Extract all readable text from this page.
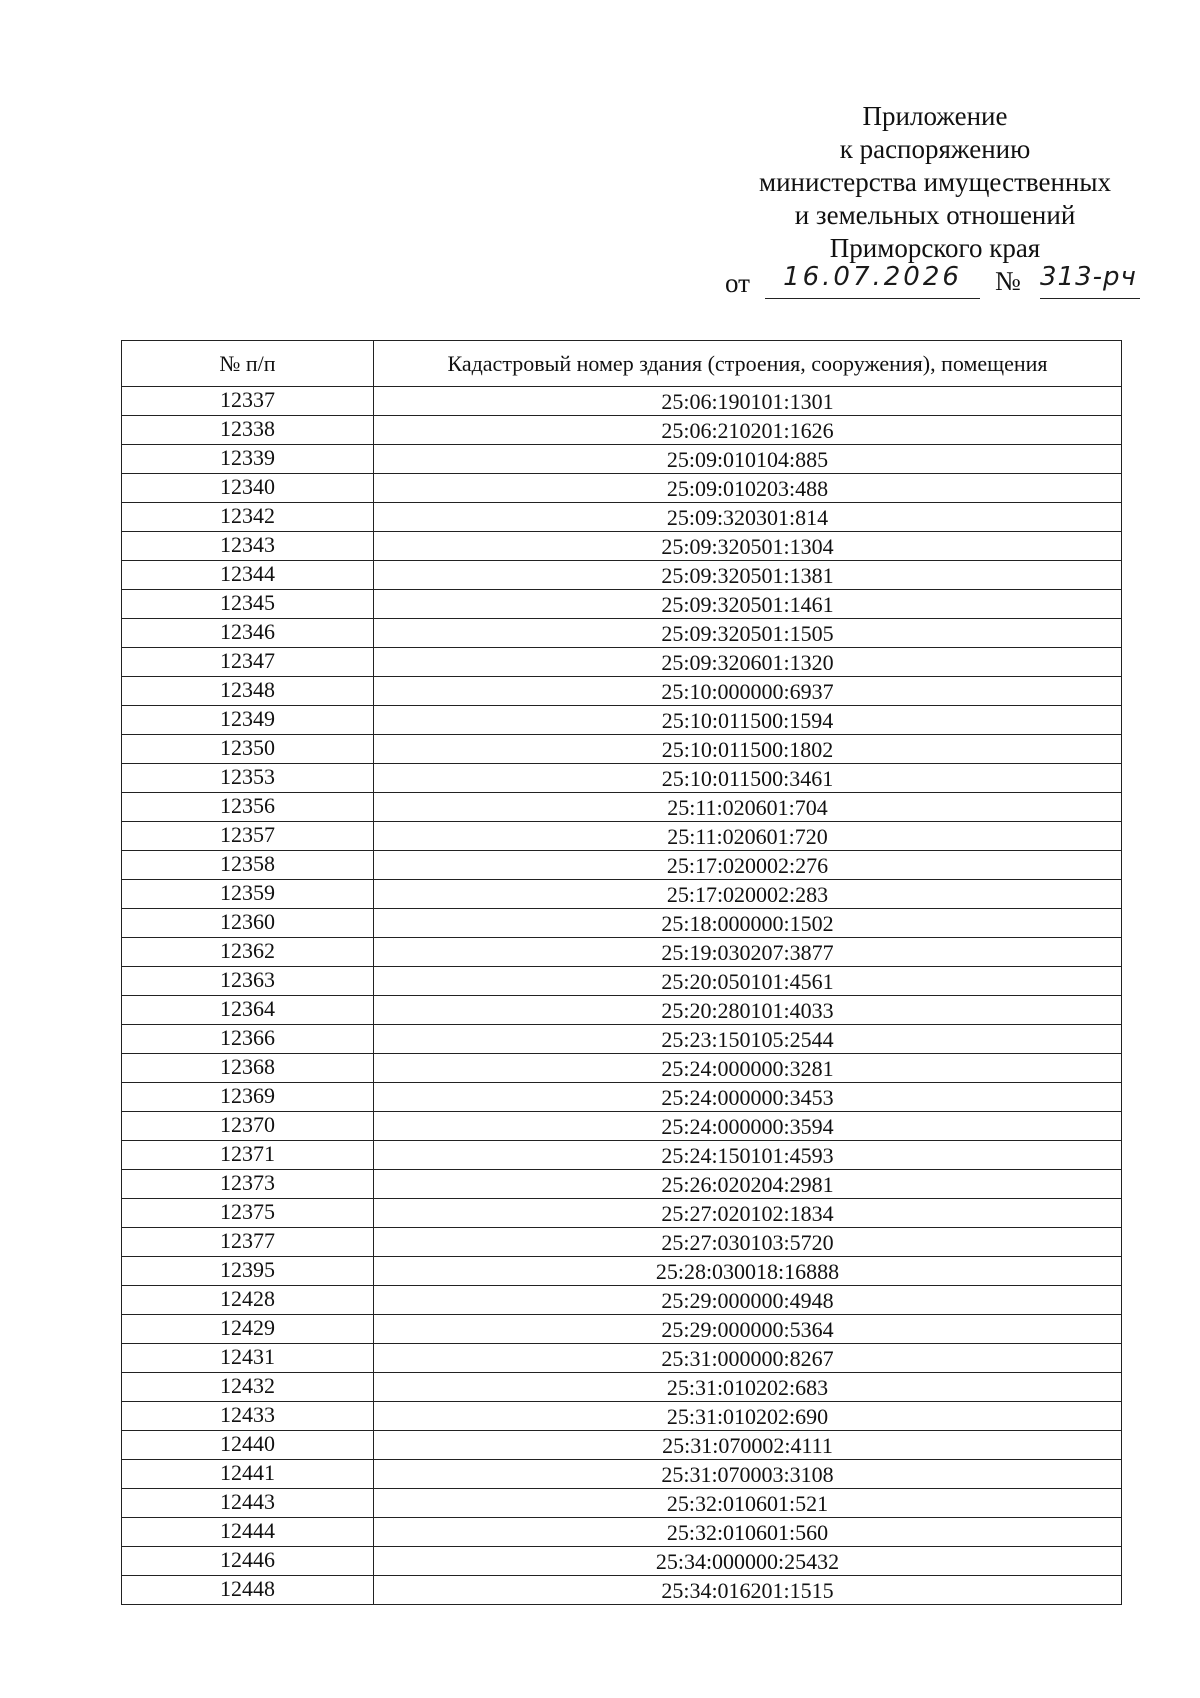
Приложение
к распоряжению
министерства имущественных
и земельных отношений
Приморского края
от	16.07.2026	№ 313-рч
№ п/п	Кадастровый номер здания (строения, сооружения), помещения
12337	25:06:190101:1301
12338	25:06:210201:1626
12339	25:09:010104:885
12340	25:09:010203:488
12342	25:09:320301:814
12343	25:09:320501:1304
12344	25:09:320501:1381
12345	25:09:320501:1461
12346	25:09:320501:1505
12347	25:09:320601:1320
12348	25:10:000000:6937
12349	25:10:011500:1594
12350	25:10:011500:1802
12353	25:10:011500:3461
12356	25:11:020601:704
12357	25:11:020601:720
12358	25:17:020002:276
12359	25:17:020002:283
12360	25:18:000000:1502
12362	25:19:030207:3877
12363	25:20:050101:4561
12364	25:20:280101:4033
12366	25:23:150105:2544
12368	25:24:000000:3281
12369	25:24:000000:3453
12370	25:24:000000:3594
12371	25:24:150101:4593
12373	25:26:020204:2981
12375	25:27:020102:1834
12377	25:27:030103:5720
12395	25:28:030018:16888
12428	25:29:000000:4948
12429	25:29:000000:5364
12431	25:31:000000:8267
12432	25:31:010202:683
12433	25:31:010202:690
12440	25:31:070002:4111
12441	25:31:070003:3108
12443	25:32:010601:521
12444	25:32:010601:560
12446	25:34:000000:25432
12448	25:34:016201:1515
